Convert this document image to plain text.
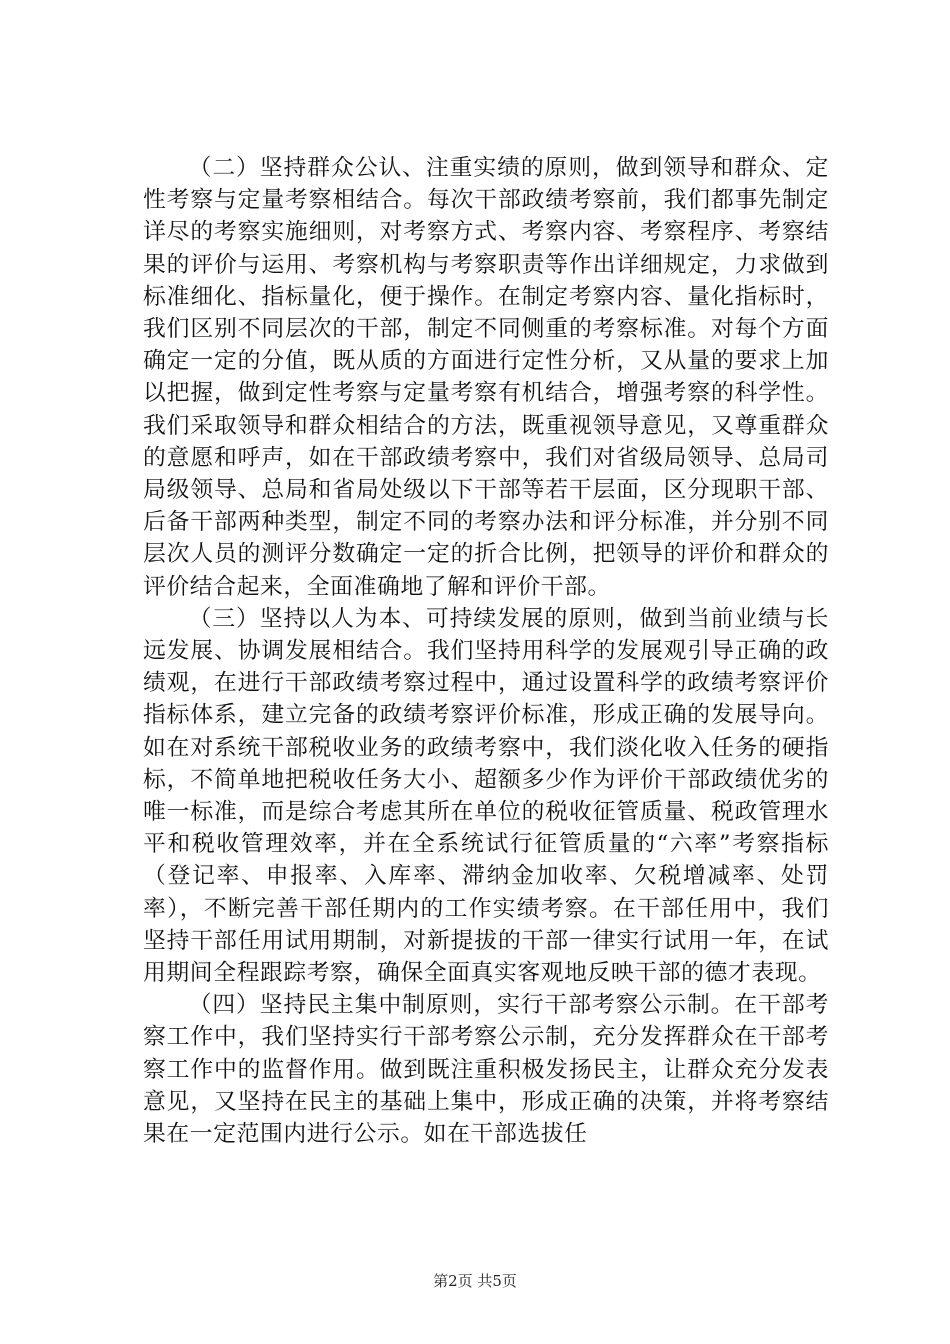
（二）坚持群众公认、注重实绩的原则，做到领导和群众、定性考察与定量考察相结合。每次干部政绩考察前，我们都事先制定详尽的考察实施细则，对考察方式、考察内容、考察程序、考察结果的评价与运用、考察机构与考察职责等作出详细规定，力求做到标准细化、指标量化，便于操作。在制定考察内容、量化指标时，我们区别不同层次的干部，制定不同侧重的考察标准。对每个方面确定一定的分值，既从质的方面进行定性分析，又从量的要求上加以把握，做到定性考察与定量考察有机结合，增强考察的科学性。我们采取领导和群众相结合的方法，既重视领导意见，又尊重群众的意愿和呼声，如在干部政绩考察中，我们对省级局领导、总局司局级领导、总局和省局处级以下干部等若干层面，区分现职干部、后备干部两种类型，制定不同的考察办法和评分标准，并分别不同层次人员的测评分数确定一定的折合比例，把领导的评价和群众的评价结合起来，全面准确地了解和评价干部。

（三）坚持以人为本、可持续发展的原则，做到当前业绩与长远发展、协调发展相结合。我们坚持用科学的发展观引导正确的政绩观，在进行干部政绩考察过程中，通过设置科学的政绩考察评价指标体系，建立完备的政绩考察评价标准，形成正确的发展导向。如在对系统干部税收业务的政绩考察中，我们淡化收入任务的硬指标，不简单地把税收任务大小、超额多少作为评价干部政绩优劣的唯一标准，而是综合考虑其所在单位的税收征管质量、税政管理水平和税收管理效率，并在全系统试行征管质量的“六率”考察指标（登记率、申报率、入库率、滞纳金加收率、欠税增减率、处罚率），不断完善干部任期内的工作实绩考察。在干部任用中，我们坚持干部任用试用期制，对新提拔的干部一律实行试用一年，在试用期间全程跟踪考察，确保全面真实客观地反映干部的德才表现。

（四）坚持民主集中制原则，实行干部考察公示制。在干部考察工作中，我们坚持实行干部考察公示制，充分发挥群众在干部考察工作中的监督作用。做到既注重积极发扬民主，让群众充分发表意见，又坚持在民主的基础上集中，形成正确的决策，并将考察结果在一定范围内进行公示。如在干部选拔任

第2页 共5页
